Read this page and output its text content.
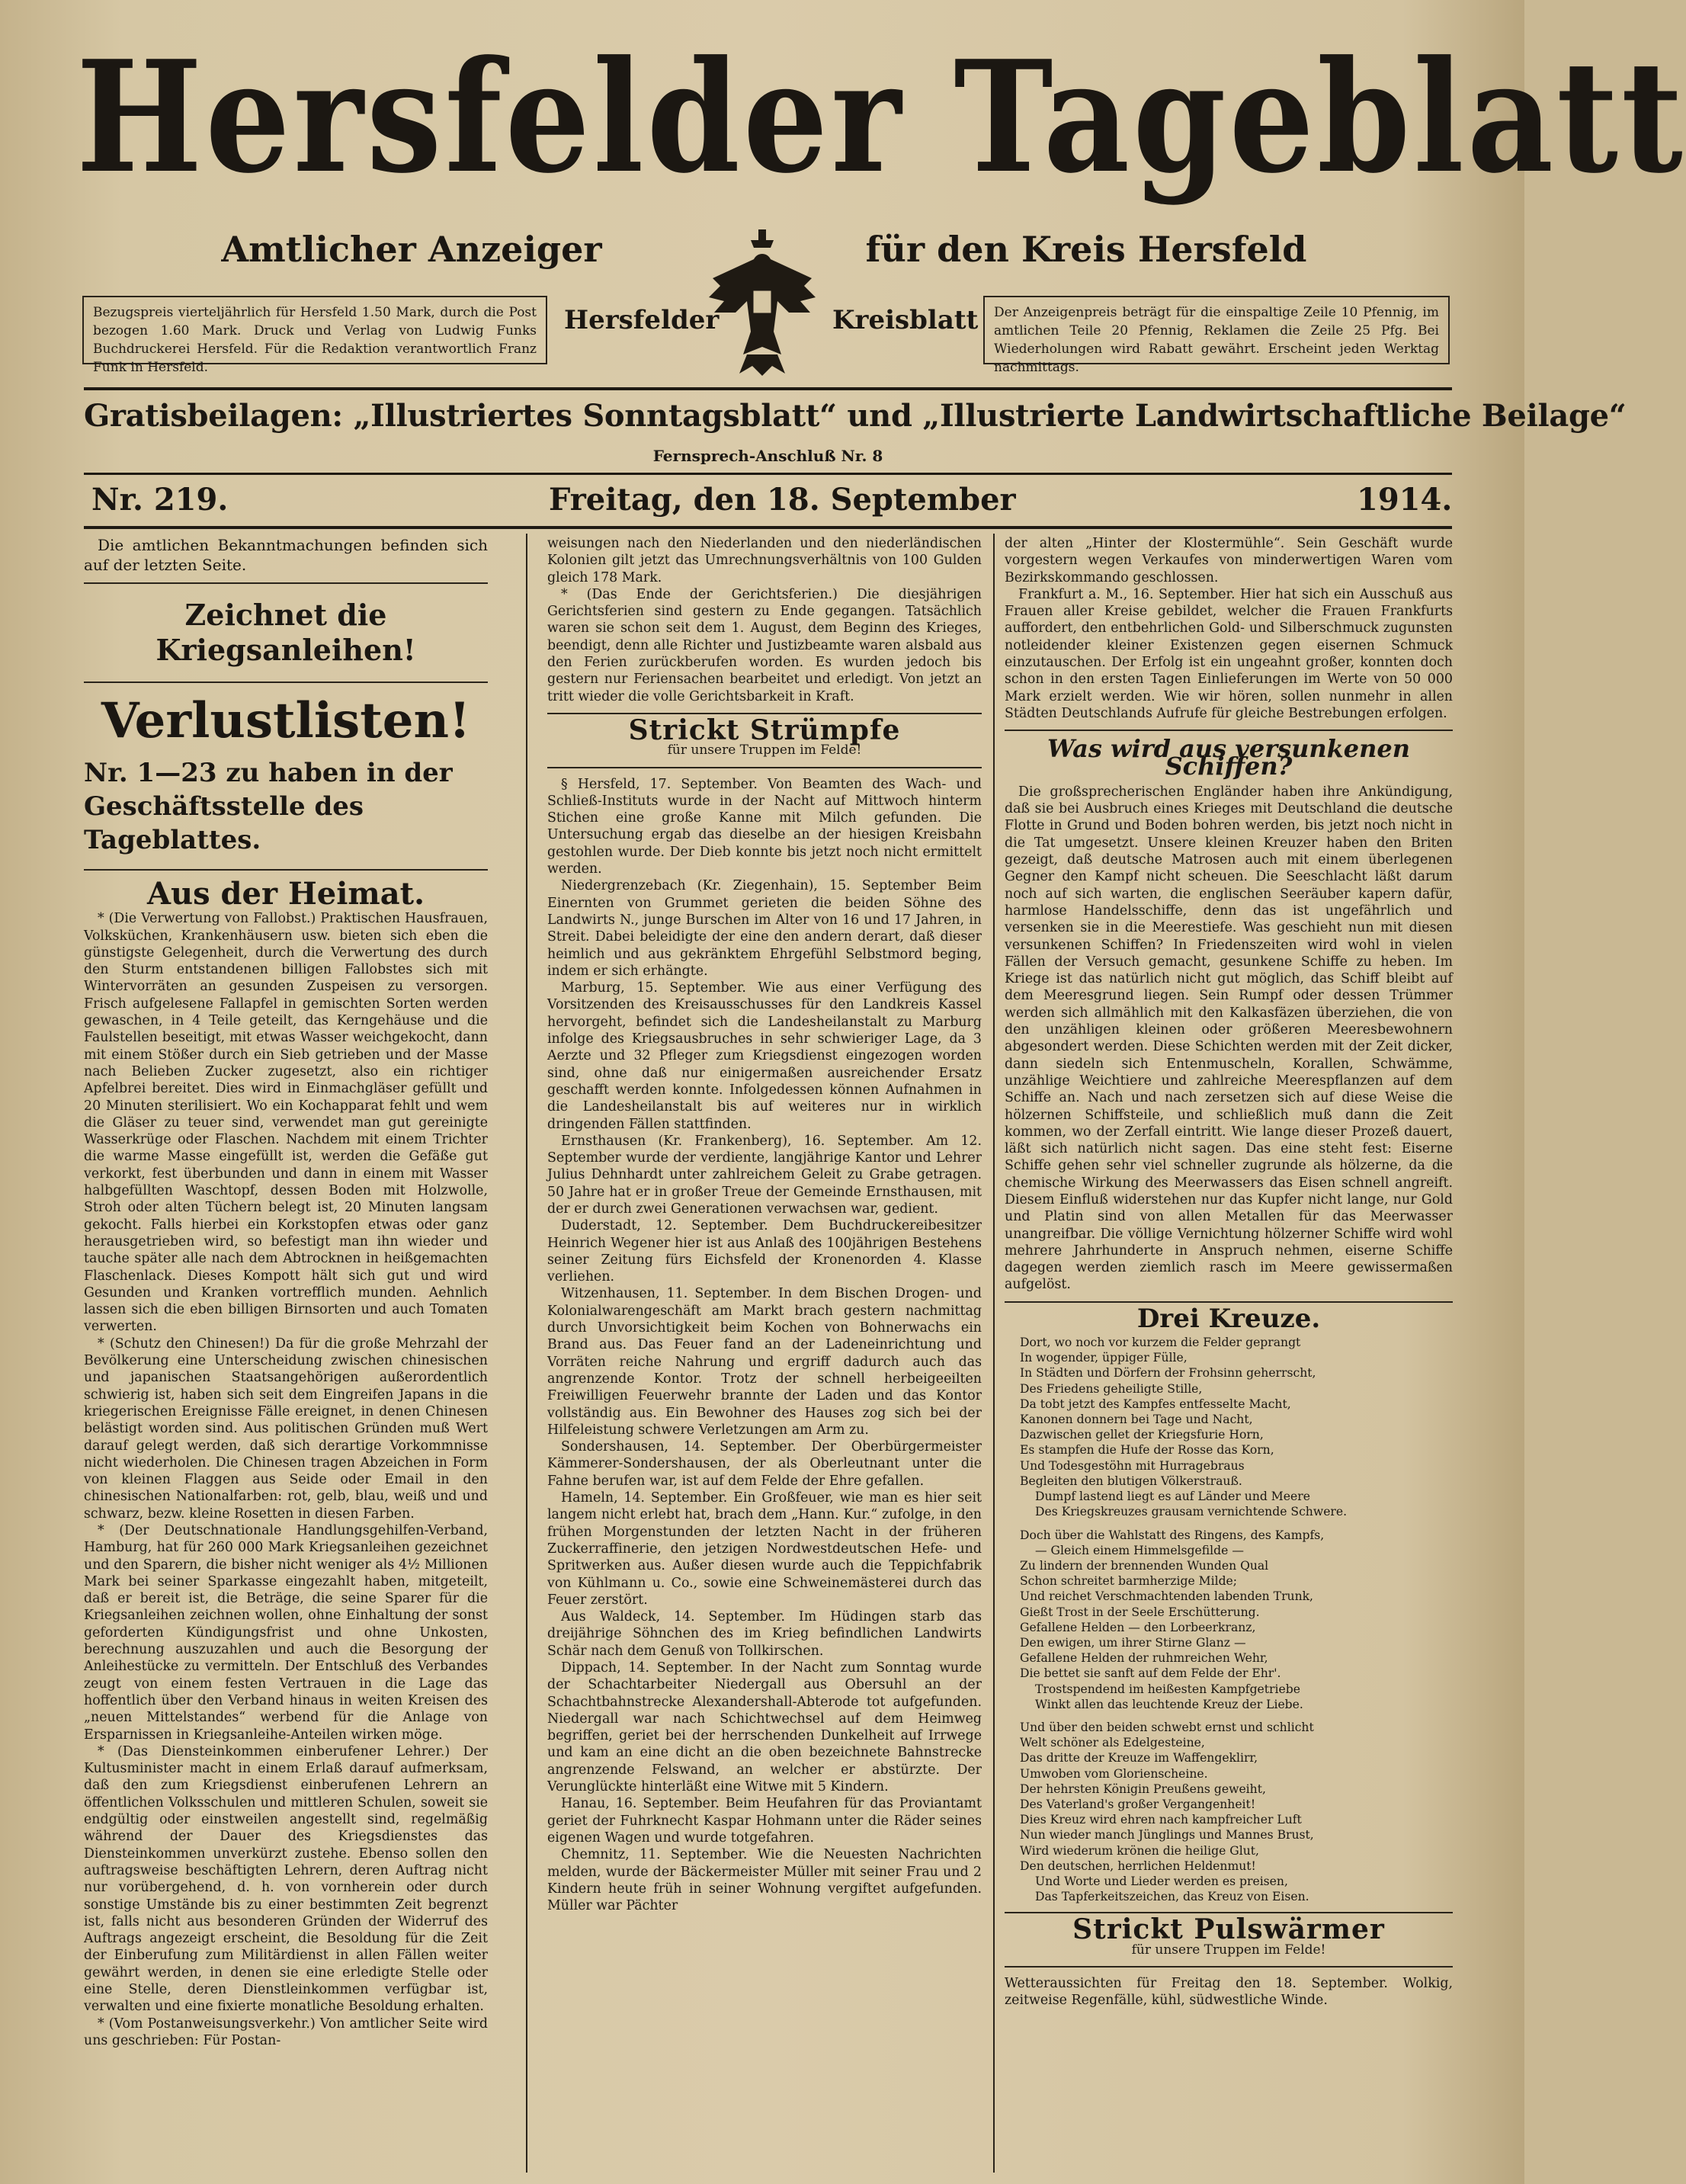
Hersfelder Tageblatt
Amtlicher Anzeiger	für den Kreis Hersfeld
Bezugspreis vierteljährlich für Hersfeld 1.50 Mark, durch die Post bezogen 1.60 Mark. Druck und Verlag von Ludwig Funks Buchdruckerei Hersfeld. Für die Redaktion verantwortlich Franz Funk in Hersfeld.
Der Anzeigenpreis beträgt für die einspaltige Zeile 10 Pfennig, im amtlichen Teile 20 Pfennig, Reklamen die Zeile 25 Pfg. Bei Wiederholungen wird Rabatt gewährt. Erscheint jeden Werktag nachmittags.
Hersfelder	Kreisblatt
Gratisbeilagen: „Illustriertes Sonntagsblatt“ und „Illustrierte Landwirtschaftliche Beilage“
Fernsprech-Anschluß Nr. 8
Nr. 219.	Freitag, den 18. September	1914.

Die amtlichen Bekanntmachungen befinden sich auf der letzten Seite.

Zeichnet die Kriegsanleihen!
Verlustlisten!
Nr. 1—23 zu haben in der Geschäftsstelle des Tageblattes.
Aus der Heimat.

* (Die Verwertung von Fallobst.) Praktischen Hausfrauen, Volksküchen, Krankenhäusern usw. bieten sich eben die günstigste Gelegenheit, durch die Verwertung des durch den Sturm entstandenen billigen Fallobstes sich mit Wintervorräten an gesunden Zuspeisen zu versorgen. Frisch aufgelesene Fallapfel in gemischten Sorten werden gewaschen, in 4 Teile geteilt, das Kerngehäuse und die Faulstellen beseitigt, mit etwas Wasser weichgekocht, dann mit einem Stößer durch ein Sieb getrieben und der Masse nach Belieben Zucker zugesetzt, also ein richtiger Apfelbrei bereitet. Dies wird in Einmachgläser gefüllt und 20 Minuten sterilisiert. Wo ein Kochapparat fehlt und wem die Gläser zu teuer sind, verwendet man gut gereinigte Wasserkrüge oder Flaschen. Nachdem mit einem Trichter die warme Masse eingefüllt ist, werden die Gefäße gut verkorkt, fest überbunden und dann in einem mit Wasser halbgefüllten Waschtopf, dessen Boden mit Holzwolle, Stroh oder alten Tüchern belegt ist, 20 Minuten langsam gekocht. Falls hierbei ein Korkstopfen etwas oder ganz herausgetrieben wird, so befestigt man ihn wieder und tauche später alle nach dem Abtrocknen in heißgemachten Flaschenlack. Dieses Kompott hält sich gut und wird Gesunden und Kranken vortrefflich munden. Aehnlich lassen sich die eben billigen Birnsorten und auch Tomaten verwerten.

* (Schutz den Chinesen!) Da für die große Mehrzahl der Bevölkerung eine Unterscheidung zwischen chinesischen und japanischen Staatsangehörigen außerordentlich schwierig ist, haben sich seit dem Eingreifen Japans in die kriegerischen Ereignisse Fälle ereignet, in denen Chinesen belästigt worden sind. Aus politischen Gründen muß Wert darauf gelegt werden, daß sich derartige Vorkommnisse nicht wiederholen. Die Chinesen tragen Abzeichen in Form von kleinen Flaggen aus Seide oder Email in den chinesischen Nationalfarben: rot, gelb, blau, weiß und und schwarz, bezw. kleine Rosetten in diesen Farben.

* (Der Deutschnationale Handlungsgehilfen-Verband, Hamburg, hat für 260 000 Mark Kriegsanleihen gezeichnet und den Sparern, die bisher nicht weniger als 4½ Millionen Mark bei seiner Sparkasse eingezahlt haben, mitgeteilt, daß er bereit ist, die Beträge, die seine Sparer für die Kriegsanleihen zeichnen wollen, ohne Einhaltung der sonst geforderten Kündigungsfrist und ohne Unkosten, berechnung auszuzahlen und auch die Besorgung der Anleihestücke zu vermitteln. Der Entschluß des Verbandes zeugt von einem festen Vertrauen in die Lage das hoffentlich über den Verband hinaus in weiten Kreisen des „neuen Mittelstandes“ werbend für die Anlage von Ersparnissen in Kriegsanleihe-Anteilen wirken möge.

* (Das Diensteinkommen einberufener Lehrer.) Der Kultusminister macht in einem Erlaß darauf aufmerksam, daß den zum Kriegsdienst einberufenen Lehrern an öffentlichen Volksschulen und mittleren Schulen, soweit sie endgültig oder einstweilen angestellt sind, regelmäßig während der Dauer des Kriegsdienstes das Diensteinkommen unverkürzt zustehe. Ebenso sollen den auftragsweise beschäftigten Lehrern, deren Auftrag nicht nur vorübergehend, d. h. von vornherein oder durch sonstige Umstände bis zu einer bestimmten Zeit begrenzt ist, falls nicht aus besonderen Gründen der Widerruf des Auftrags angezeigt erscheint, die Besoldung für die Zeit der Einberufung zum Militärdienst in allen Fällen weiter gewährt werden, in denen sie eine erledigte Stelle oder eine Stelle, deren Dienstleinkommen verfügbar ist, verwalten und eine fixierte monatliche Besoldung erhalten.

* (Vom Postanweisungsverkehr.) Von amtlicher Seite wird uns geschrieben: Für Postan-

weisungen nach den Niederlanden und den niederländischen Kolonien gilt jetzt das Umrechnungsverhältnis von 100 Gulden gleich 178 Mark.

* (Das Ende der Gerichtsferien.) Die diesjährigen Gerichtsferien sind gestern zu Ende gegangen. Tatsächlich waren sie schon seit dem 1. August, dem Beginn des Krieges, beendigt, denn alle Richter und Justizbeamte waren alsbald aus den Ferien zurückberufen worden. Es wurden jedoch bis gestern nur Feriensachen bearbeitet und erledigt. Von jetzt an tritt wieder die volle Gerichtsbarkeit in Kraft.

Strickt Strümpfe
für unsere Truppen im Felde!

§ Hersfeld, 17. September. Von Beamten des Wach- und Schließ-Instituts wurde in der Nacht auf Mittwoch hinterm Stichen eine große Kanne mit Milch gefunden. Die Untersuchung ergab das dieselbe an der hiesigen Kreisbahn gestohlen wurde. Der Dieb konnte bis jetzt noch nicht ermittelt werden.

Niedergrenzebach (Kr. Ziegenhain), 15. September Beim Einernten von Grummet gerieten die beiden Söhne des Landwirts N., junge Burschen im Alter von 16 und 17 Jahren, in Streit. Dabei beleidigte der eine den andern derart, daß dieser heimlich und aus gekränktem Ehrgefühl Selbstmord beging, indem er sich erhängte.

Marburg, 15. September. Wie aus einer Verfügung des Vorsitzenden des Kreisausschusses für den Landkreis Kassel hervorgeht, befindet sich die Landesheilanstalt zu Marburg infolge des Kriegsausbruches in sehr schwieriger Lage, da 3 Aerzte und 32 Pfleger zum Kriegsdienst eingezogen worden sind, ohne daß nur einigermaßen ausreichender Ersatz geschafft werden konnte. Infolgedessen können Aufnahmen in die Landesheilanstalt bis auf weiteres nur in wirklich dringenden Fällen stattfinden.

Ernsthausen (Kr. Frankenberg), 16. September. Am 12. September wurde der verdiente, langjährige Kantor und Lehrer Julius Dehnhardt unter zahlreichem Geleit zu Grabe getragen. 50 Jahre hat er in großer Treue der Gemeinde Ernsthausen, mit der er durch zwei Generationen verwachsen war, gedient.

Duderstadt, 12. September. Dem Buchdruckereibesitzer Heinrich Wegener hier ist aus Anlaß des 100jährigen Bestehens seiner Zeitung fürs Eichsfeld der Kronenorden 4. Klasse verliehen.

Witzenhausen, 11. September. In dem Bischen Drogen- und Kolonialwarengeschäft am Markt brach gestern nachmittag durch Unvorsichtigkeit beim Kochen von Bohnerwachs ein Brand aus. Das Feuer fand an der Ladeneinrichtung und Vorräten reiche Nahrung und ergriff dadurch auch das angrenzende Kontor. Trotz der schnell herbeigeeilten Freiwilligen Feuerwehr brannte der Laden und das Kontor vollständig aus. Ein Bewohner des Hauses zog sich bei der Hilfeleistung schwere Verletzungen am Arm zu.

Sondershausen, 14. September. Der Oberbürgermeister Kämmerer-Sondershausen, der als Oberleutnant unter die Fahne berufen war, ist auf dem Felde der Ehre gefallen.

Hameln, 14. September. Ein Großfeuer, wie man es hier seit langem nicht erlebt hat, brach dem „Hann. Kur.“ zufolge, in den frühen Morgenstunden der letzten Nacht in der früheren Zuckerraffinerie, den jetzigen Nordwestdeutschen Hefe- und Spritwerken aus. Außer diesen wurde auch die Teppichfabrik von Kühlmann u. Co., sowie eine Schweinemästerei durch das Feuer zerstört.

Aus Waldeck, 14. September. Im Hüdingen starb das dreijährige Söhnchen des im Krieg befindlichen Landwirts Schär nach dem Genuß von Tollkirschen.

Dippach, 14. September. In der Nacht zum Sonntag wurde der Schachtarbeiter Niedergall aus Obersuhl an der Schachtbahnstrecke Alexandershall-Abterode tot aufgefunden. Niedergall war nach Schichtwechsel auf dem Heimweg begriffen, geriet bei der herrschenden Dunkelheit auf Irrwege und kam an eine dicht an die oben bezeichnete Bahnstrecke angrenzende Felswand, an welcher er abstürzte. Der Verunglückte hinterläßt eine Witwe mit 5 Kindern.

Hanau, 16. September. Beim Heufahren für das Proviantamt geriet der Fuhrknecht Kaspar Hohmann unter die Räder seines eigenen Wagen und wurde totgefahren.

Chemnitz, 11. September. Wie die Neuesten Nachrichten melden, wurde der Bäckermeister Müller mit seiner Frau und 2 Kindern heute früh in seiner Wohnung vergiftet aufgefunden. Müller war Pächter

der alten „Hinter der Klostermühle“. Sein Geschäft wurde vorgestern wegen Verkaufes von minderwertigen Waren vom Bezirkskommando geschlossen.

Frankfurt a. M., 16. September. Hier hat sich ein Ausschuß aus Frauen aller Kreise gebildet, welcher die Frauen Frankfurts auffordert, den entbehrlichen Gold- und Silberschmuck zugunsten notleidender kleiner Existenzen gegen eisernen Schmuck einzutauschen. Der Erfolg ist ein ungeahnt großer, konnten doch schon in den ersten Tagen Einlieferungen im Werte von 50 000 Mark erzielt werden. Wie wir hören, sollen nunmehr in allen Städten Deutschlands Aufrufe für gleiche Bestrebungen erfolgen.

Was wird aus versunkenen Schiffen?

Die großsprecherischen Engländer haben ihre Ankündigung, daß sie bei Ausbruch eines Krieges mit Deutschland die deutsche Flotte in Grund und Boden bohren werden, bis jetzt noch nicht in die Tat umgesetzt. Unsere kleinen Kreuzer haben den Briten gezeigt, daß deutsche Matrosen auch mit einem überlegenen Gegner den Kampf nicht scheuen. Die Seeschlacht läßt darum noch auf sich warten, die englischen Seeräuber kapern dafür, harmlose Handelsschiffe, denn das ist ungefährlich und versenken sie in die Meerestiefe. Was geschieht nun mit diesen versunkenen Schiffen? In Friedenszeiten wird wohl in vielen Fällen der Versuch gemacht, gesunkene Schiffe zu heben. Im Kriege ist das natürlich nicht gut möglich, das Schiff bleibt auf dem Meeresgrund liegen. Sein Rumpf oder dessen Trümmer werden sich allmählich mit den Kalkasfäzen überziehen, die von den unzähligen kleinen oder größeren Meeresbewohnern abgesondert werden. Diese Schichten werden mit der Zeit dicker, dann siedeln sich Entenmuscheln, Korallen, Schwämme, unzählige Weichtiere und zahlreiche Meerespflanzen auf dem Schiffe an. Nach und nach zersetzen sich auf diese Weise die hölzernen Schiffsteile, und schließlich muß dann die Zeit kommen, wo der Zerfall eintritt. Wie lange dieser Prozeß dauert, läßt sich natürlich nicht sagen. Das eine steht fest: Eiserne Schiffe gehen sehr viel schneller zugrunde als hölzerne, da die chemische Wirkung des Meerwassers das Eisen schnell angreift. Diesem Einfluß widerstehen nur das Kupfer nicht lange, nur Gold und Platin sind von allen Metallen für das Meerwasser unangreifbar. Die völlige Vernichtung hölzerner Schiffe wird wohl mehrere Jahrhunderte in Anspruch nehmen, eiserne Schiffe dagegen werden ziemlich rasch im Meere gewissermaßen aufgelöst.

Drei Kreuze.
Dort, wo noch vor kurzem die Felder geprangt
In wogender, üppiger Fülle,
In Städten und Dörfern der Frohsinn geherrscht,
Des Friedens geheiligte Stille,
Da tobt jetzt des Kampfes entfesselte Macht,
Kanonen donnern bei Tage und Nacht,
Dazwischen gellet der Kriegsfurie Horn,
Es stampfen die Hufe der Rosse das Korn,
Und Todesgestöhn mit Hurragebraus
Begleiten den blutigen Völkerstrauß.
Dumpf lastend liegt es auf Länder und Meere
Des Kriegskreuzes grausam vernichtende Schwere.
Doch über die Wahlstatt des Ringens, des Kampfs,
— Gleich einem Himmelsgefilde —
Zu lindern der brennenden Wunden Qual
Schon schreitet barmherzige Milde;
Und reichet Verschmachtenden labenden Trunk,
Gießt Trost in der Seele Erschütterung.
Gefallene Helden — den Lorbeerkranz,
Den ewigen, um ihrer Stirne Glanz —
Gefallene Helden der ruhmreichen Wehr,
Die bettet sie sanft auf dem Felde der Ehr'.
Trostspendend im heißesten Kampfgetriebe
Winkt allen das leuchtende Kreuz der Liebe.
Und über den beiden schwebt ernst und schlicht
Welt schöner als Edelgesteine,
Das dritte der Kreuze im Waffengeklirr,
Umwoben vom Glorienscheine.
Der hehrsten Königin Preußens geweiht,
Des Vaterland's großer Vergangenheit!
Dies Kreuz wird ehren nach kampfreicher Luft
Nun wieder manch Jünglings und Mannes Brust,
Wird wiederum krönen die heilige Glut,
Den deutschen, herrlichen Heldenmut!
Und Worte und Lieder werden es preisen,
Das Tapferkeitszeichen, das Kreuz von Eisen.
Strickt Pulswärmer
für unsere Truppen im Felde!
Wetteraussichten für Freitag den 18. September. Wolkig, zeitweise Regenfälle, kühl, südwestliche Winde.
